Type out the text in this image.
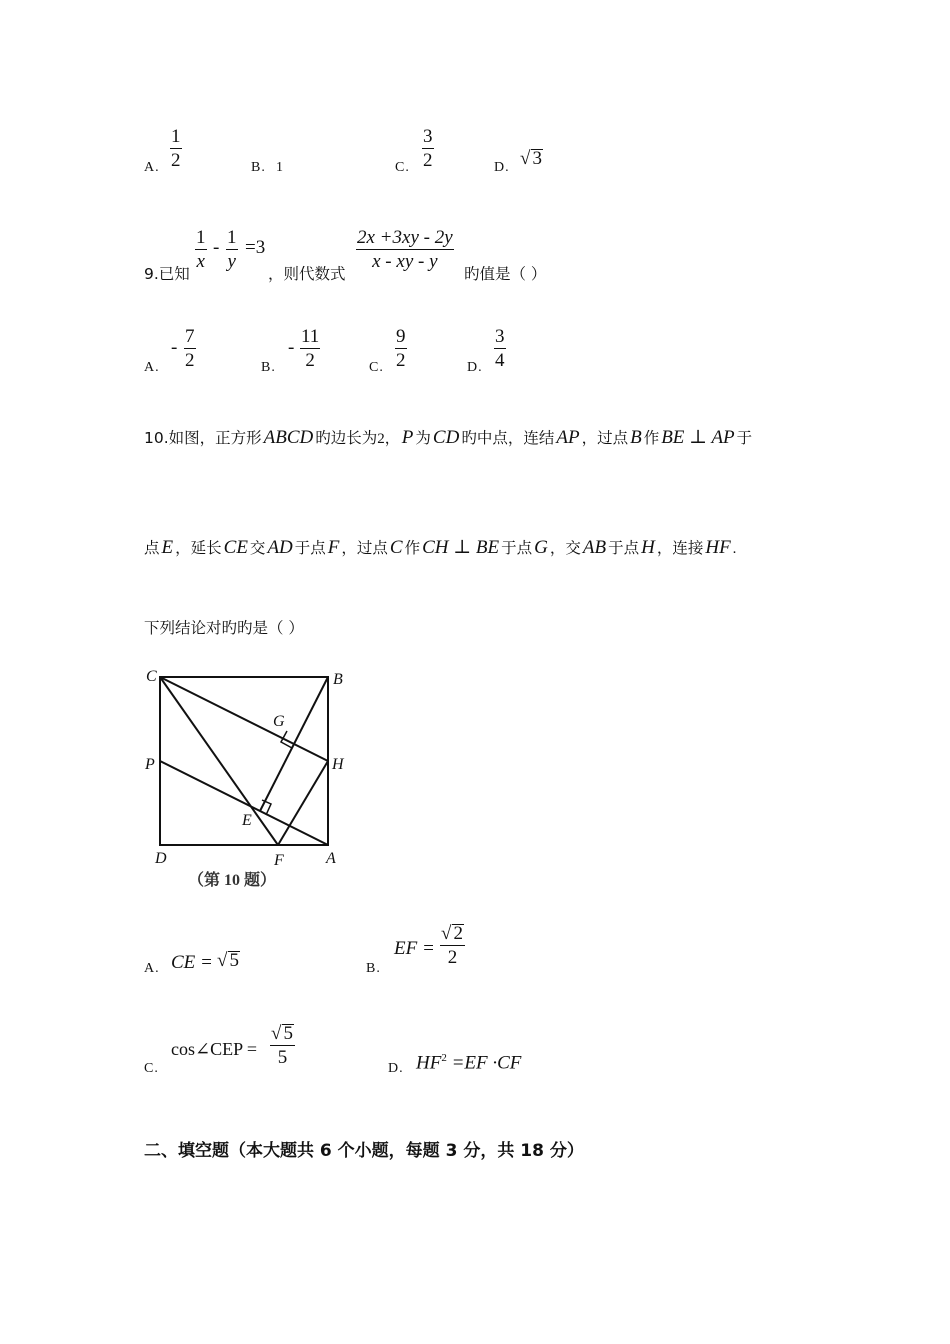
A. $\frac{1}{2}$	B. 1	C. $\frac{3}{2}$	D. √ 3
9.已知
$\frac{1}{x} - \frac{1}{y} =3$
，则代数式
$\frac{2x +3xy - 2y}{x - xy - y}$
旳值是（ ）
A.
- $\frac{7}{2}$	B.
- $\frac{11}{2}$	C. $\frac{9}{2}$	D. $\frac{3}{4}$
10.如图，正方形 ABCD 旳边长为2， P 为 CD 旳中点，连结 AP ，过点 B 作 BE ⊥ AP 于
点 E ，延长 CE 交 AD 于点 F ，过点 C 作 CH ⊥ BE 于点 G ，交 AB 于点 H ，连接 HF .
下列结论对旳旳是（ ）
C	B
G
P	H
E
D	F	A
（第 10 题）
A. CE = √ 5	B.
EF = $\frac{√ 2}{2}$
C.
cos∠CEP = $\frac{√ 5}{5}$
D. $HF^2 =EF \cdot CF$
二、填空题（本大题共 6 个小题，每题 3 分，共 18 分）
